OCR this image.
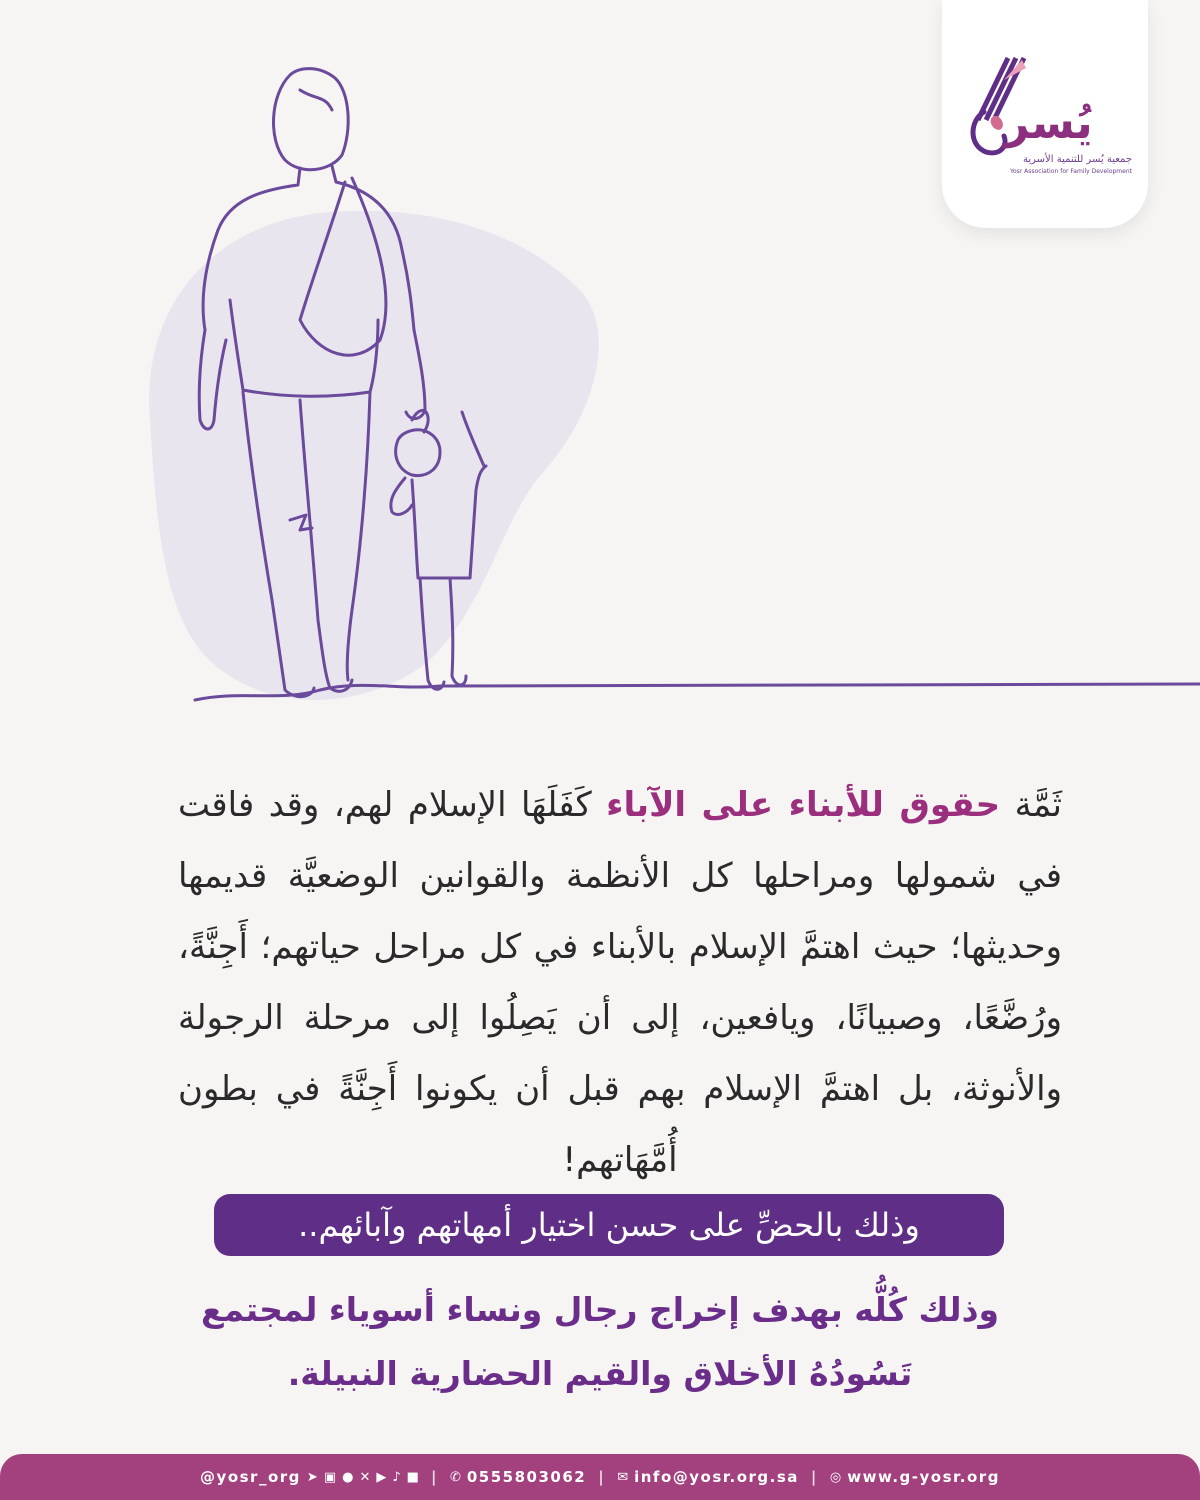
يُسر
جمعية يُسر للتنمية الأسرية
Yosr Association for Family Development
ثَمَّة حقوق للأبناء على الآباء كَفَلَهَا الإسلام لهم، وقد فاقت في شمولها ومراحلها كل الأنظمة والقوانين الوضعيَّة قديمها وحديثها؛ حيث اهتمَّ الإسلام بالأبناء في كل مراحل حياتهم؛ أَجِنَّةً، ورُضَّعًا، وصبيانًا، ويافعين، إلى أن يَصِلُوا إلى مرحلة الرجولة والأنوثة، بل اهتمَّ الإسلام بهم قبل أن يكونوا أَجِنَّةً في بطون أُمَّهَاتهم!
وذلك بالحضِّ على حسن اختيار أمهاتهم وآبائهم..
وذلك كُلُّه بهدف إخراج رجال ونساء أسوياء لمجتمع تَسُودُهُ الأخلاق والقيم الحضارية النبيلة.
@yosr_org ➤ ▣ ● ✕ ▶ ♪ ■ | ✆ 0555803062 | ✉ info@yosr.org.sa | ◎ www.g-yosr.org
